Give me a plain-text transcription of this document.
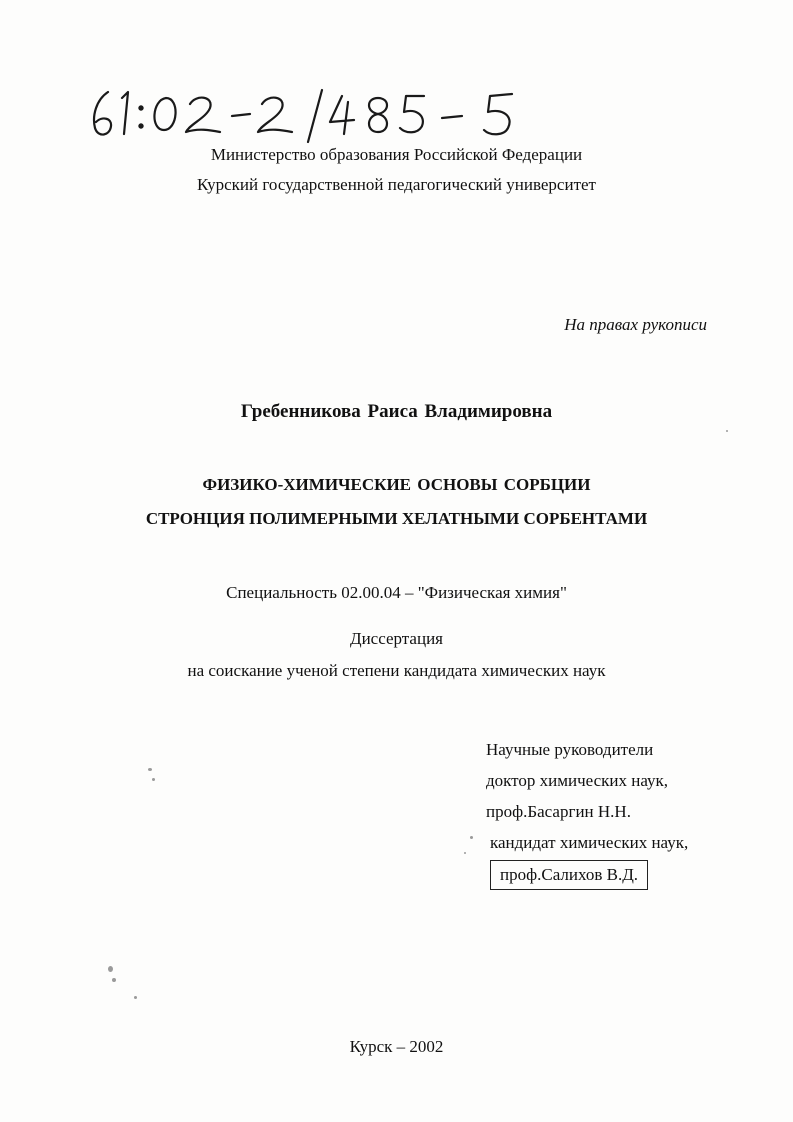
Министерство образования Российской Федерации
Курский государственной педагогический университет
На правах рукописи
Гребенникова Раиса Владимировна
ФИЗИКО-ХИМИЧЕСКИЕ ОСНОВЫ СОРБЦИИ
СТРОНЦИЯ ПОЛИМЕРНЫМИ ХЕЛАТНЫМИ СОРБЕНТАМИ
Специальность 02.00.04 – "Физическая химия"
Диссертация
на соискание ученой степени кандидата химических наук
Научные руководители
доктор химических наук,
проф.Басаргин Н.Н.
кандидат химических наук,
проф.Салихов В.Д.
Курск – 2002
